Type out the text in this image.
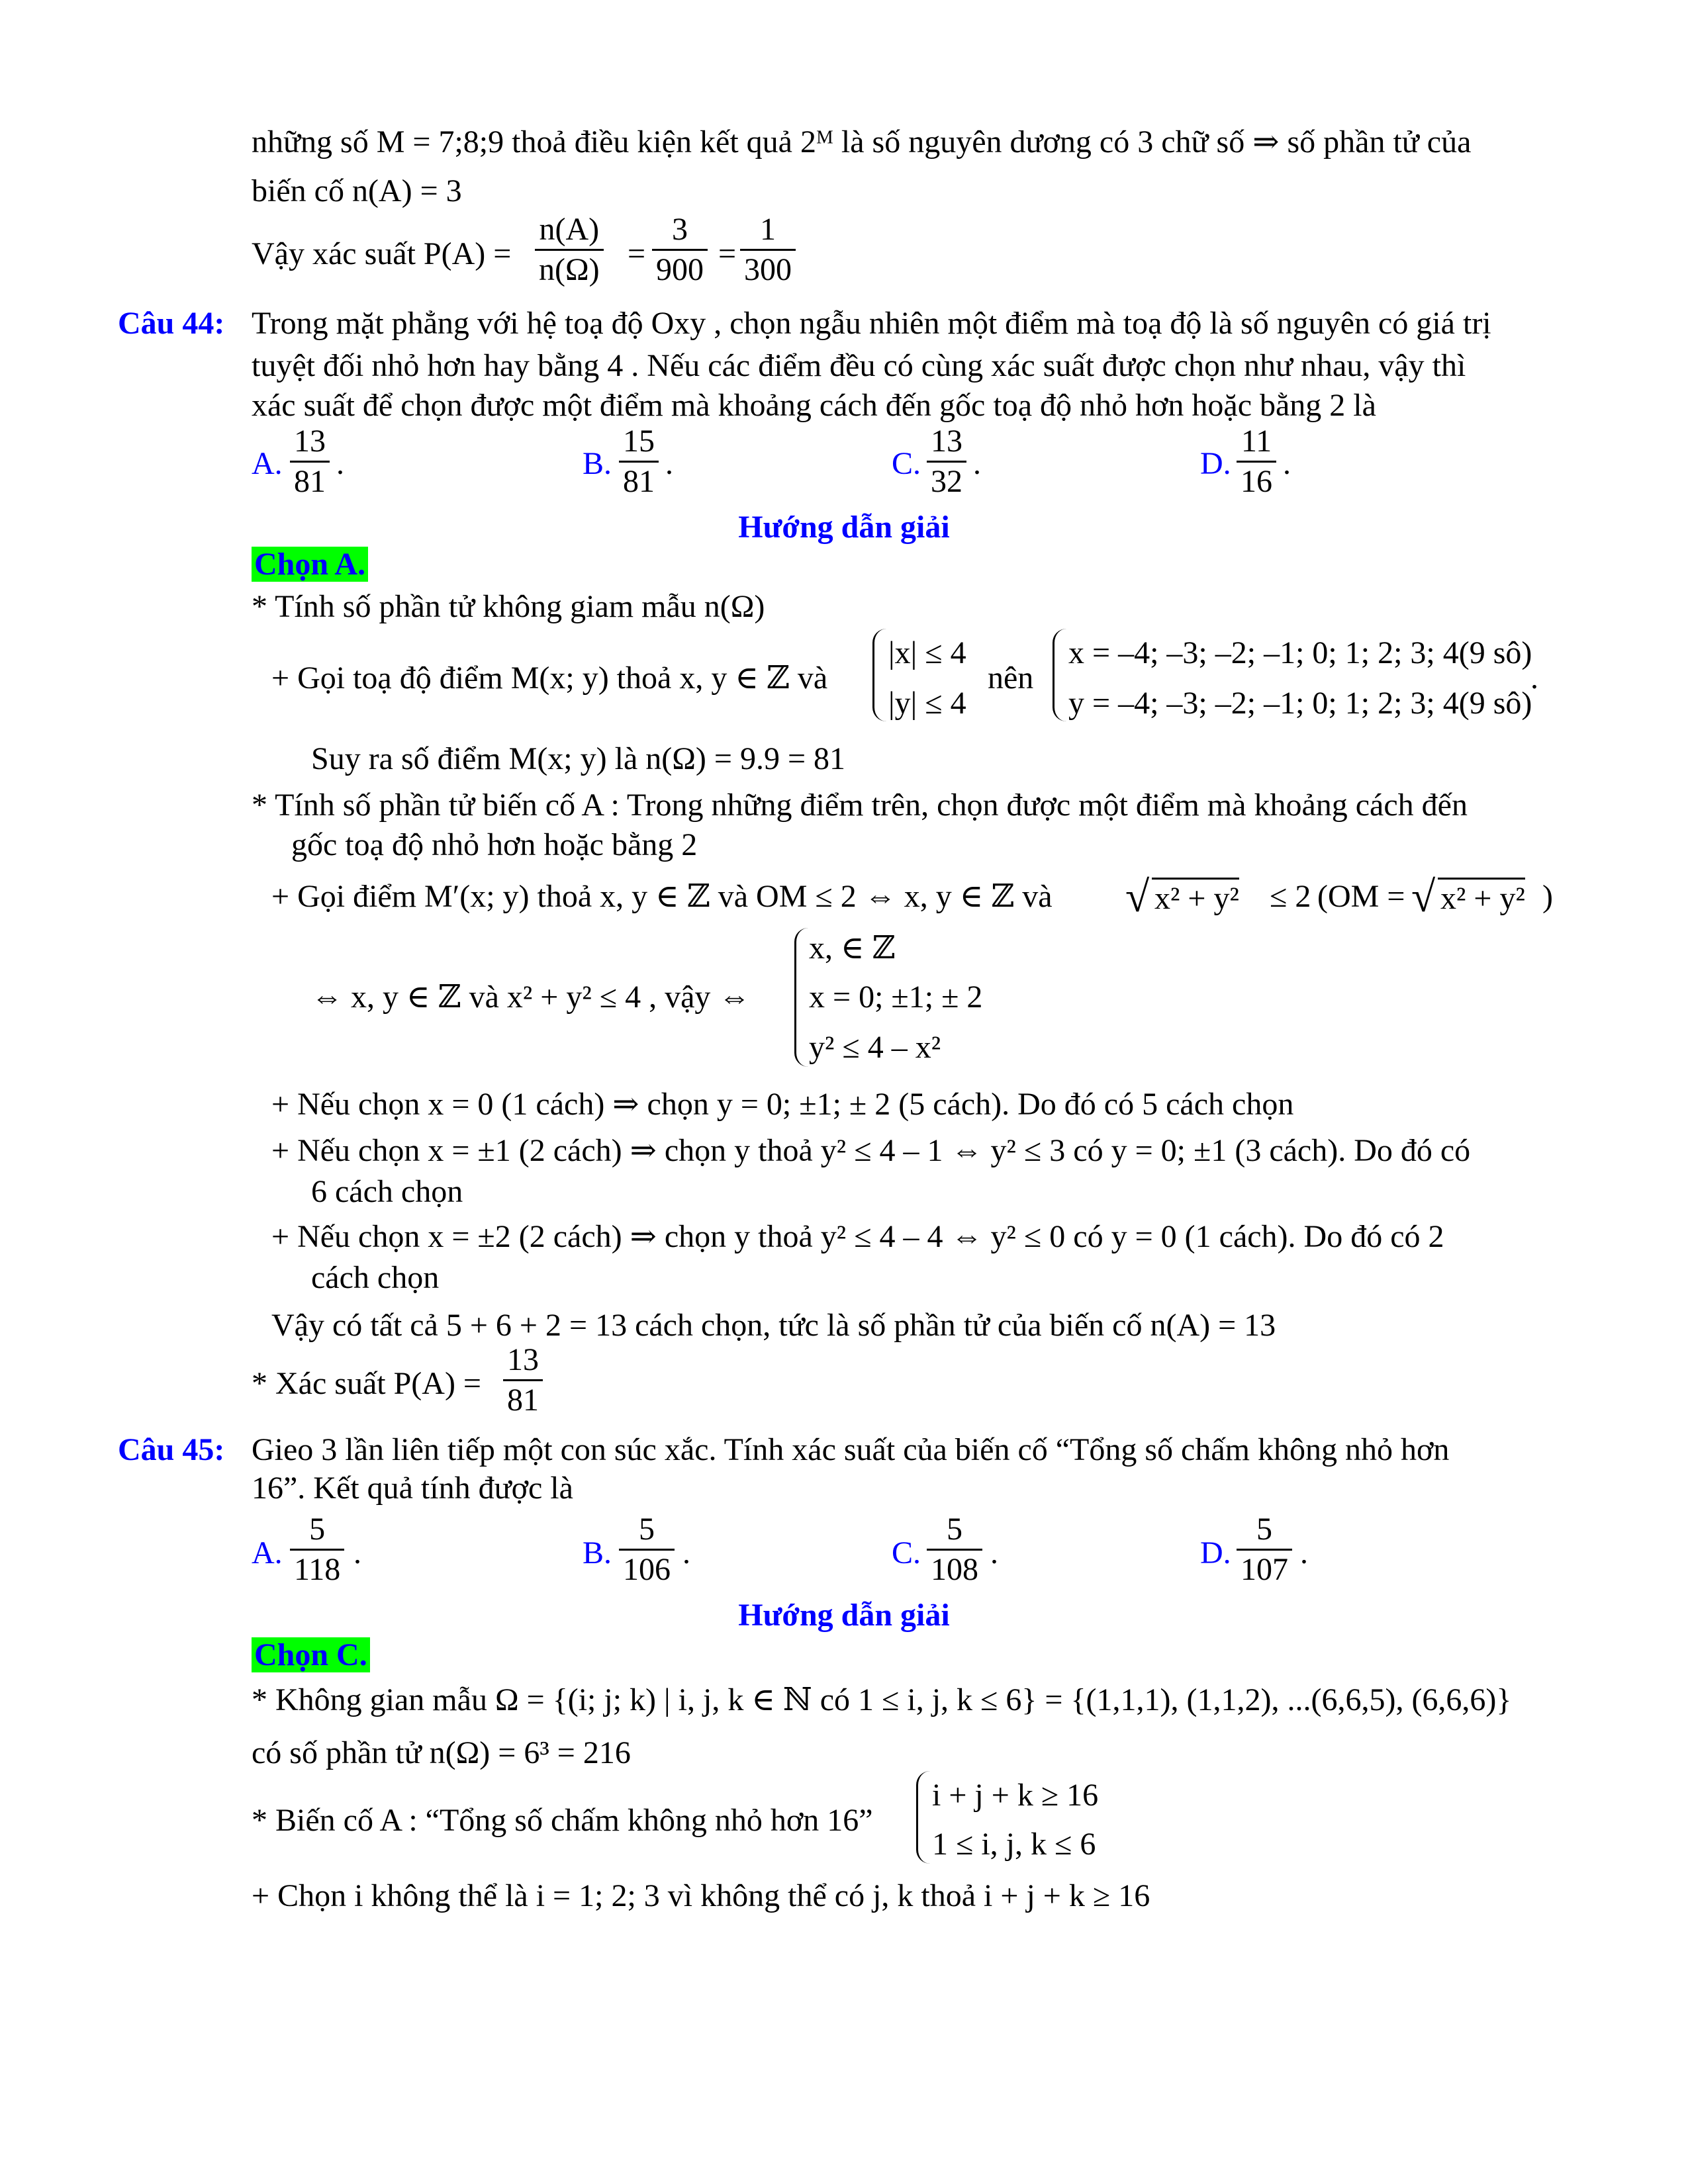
những số M = 7;8;9 thoả điều kiện kết quả 2ᴹ là số nguyên dương có 3 chữ số ⇒ số phần tử của
biến cố n(A) = 3
Vậy xác suất P(A) =
n(A)
n(Ω) =
3
900 =
1
300
Câu 44: Trong mặt phẳng với hệ toạ độ Oxy , chọn ngẫu nhiên một điểm mà toạ độ là số nguyên có giá trị
tuyệt đối nhỏ hơn hay bằng 4 . Nếu các điểm đều có cùng xác suất được chọn như nhau, vậy thì
xác suất để chọn được một điểm mà khoảng cách đến gốc toạ độ nhỏ hơn hoặc bằng 2 là
A.
13
81
.	B.
15
81
.	C.
13
32
.	D.
11
16
.
Hướng dẫn giải
Chọn A.
* Tính số phần tử không giam mẫu n(Ω)
+ Gọi toạ độ điểm M(x; y) thoả x, y ∈ ℤ và
|x| ≤ 4
|y| ≤ 4
nên
x = –4; –3; –2; –1; 0; 1; 2; 3; 4(9 sô)
y = –4; –3; –2; –1; 0; 1; 2; 3; 4(9 sô)
.
Suy ra số điểm M(x; y) là n(Ω) = 9.9 = 81
* Tính số phần tử biến cố A : Trong những điểm trên, chọn được một điểm mà khoảng cách đến
gốc toạ độ nhỏ hơn hoặc bằng 2
+ Gọi điểm M′(x; y) thoả x, y ∈ ℤ và OM ≤ 2 ⇔ x, y ∈ ℤ và √ x² + y² ≤ 2 (OM = √ x² + y² )
⇔ x, y ∈ ℤ và x² + y² ≤ 4 , vậy ⇔
x, ∈ ℤ
x = 0; ±1; ± 2
y² ≤ 4 – x²
+ Nếu chọn x = 0 (1 cách) ⇒ chọn y = 0; ±1; ± 2 (5 cách). Do đó có 5 cách chọn
+ Nếu chọn x = ±1 (2 cách) ⇒ chọn y thoả y² ≤ 4 – 1 ⇔ y² ≤ 3 có y = 0; ±1 (3 cách). Do đó có
6 cách chọn
+ Nếu chọn x = ±2 (2 cách) ⇒ chọn y thoả y² ≤ 4 – 4 ⇔ y² ≤ 0 có y = 0 (1 cách). Do đó có 2
cách chọn
Vậy có tất cả 5 + 6 + 2 = 13 cách chọn, tức là số phần tử của biến cố n(A) = 13
* Xác suất P(A) =
13
81
Câu 45: Gieo 3 lần liên tiếp một con súc xắc. Tính xác suất của biến cố “Tổng số chấm không nhỏ hơn
16”. Kết quả tính được là
A.
5
118 .	B.
5
106 .	C.
5
108 .	D.
5
107 .
Hướng dẫn giải
Chọn C.
* Không gian mẫu Ω = {(i; j; k) | i, j, k ∈ ℕ có 1 ≤ i, j, k ≤ 6} = {(1,1,1), (1,1,2), ...(6,6,5), (6,6,6)}
có số phần tử n(Ω) = 6³ = 216
* Biến cố A : “Tổng số chấm không nhỏ hơn 16”
i + j + k ≥ 16
1 ≤ i, j, k ≤ 6
+ Chọn i không thể là i = 1; 2; 3 vì không thể có j, k thoả i + j + k ≥ 16
